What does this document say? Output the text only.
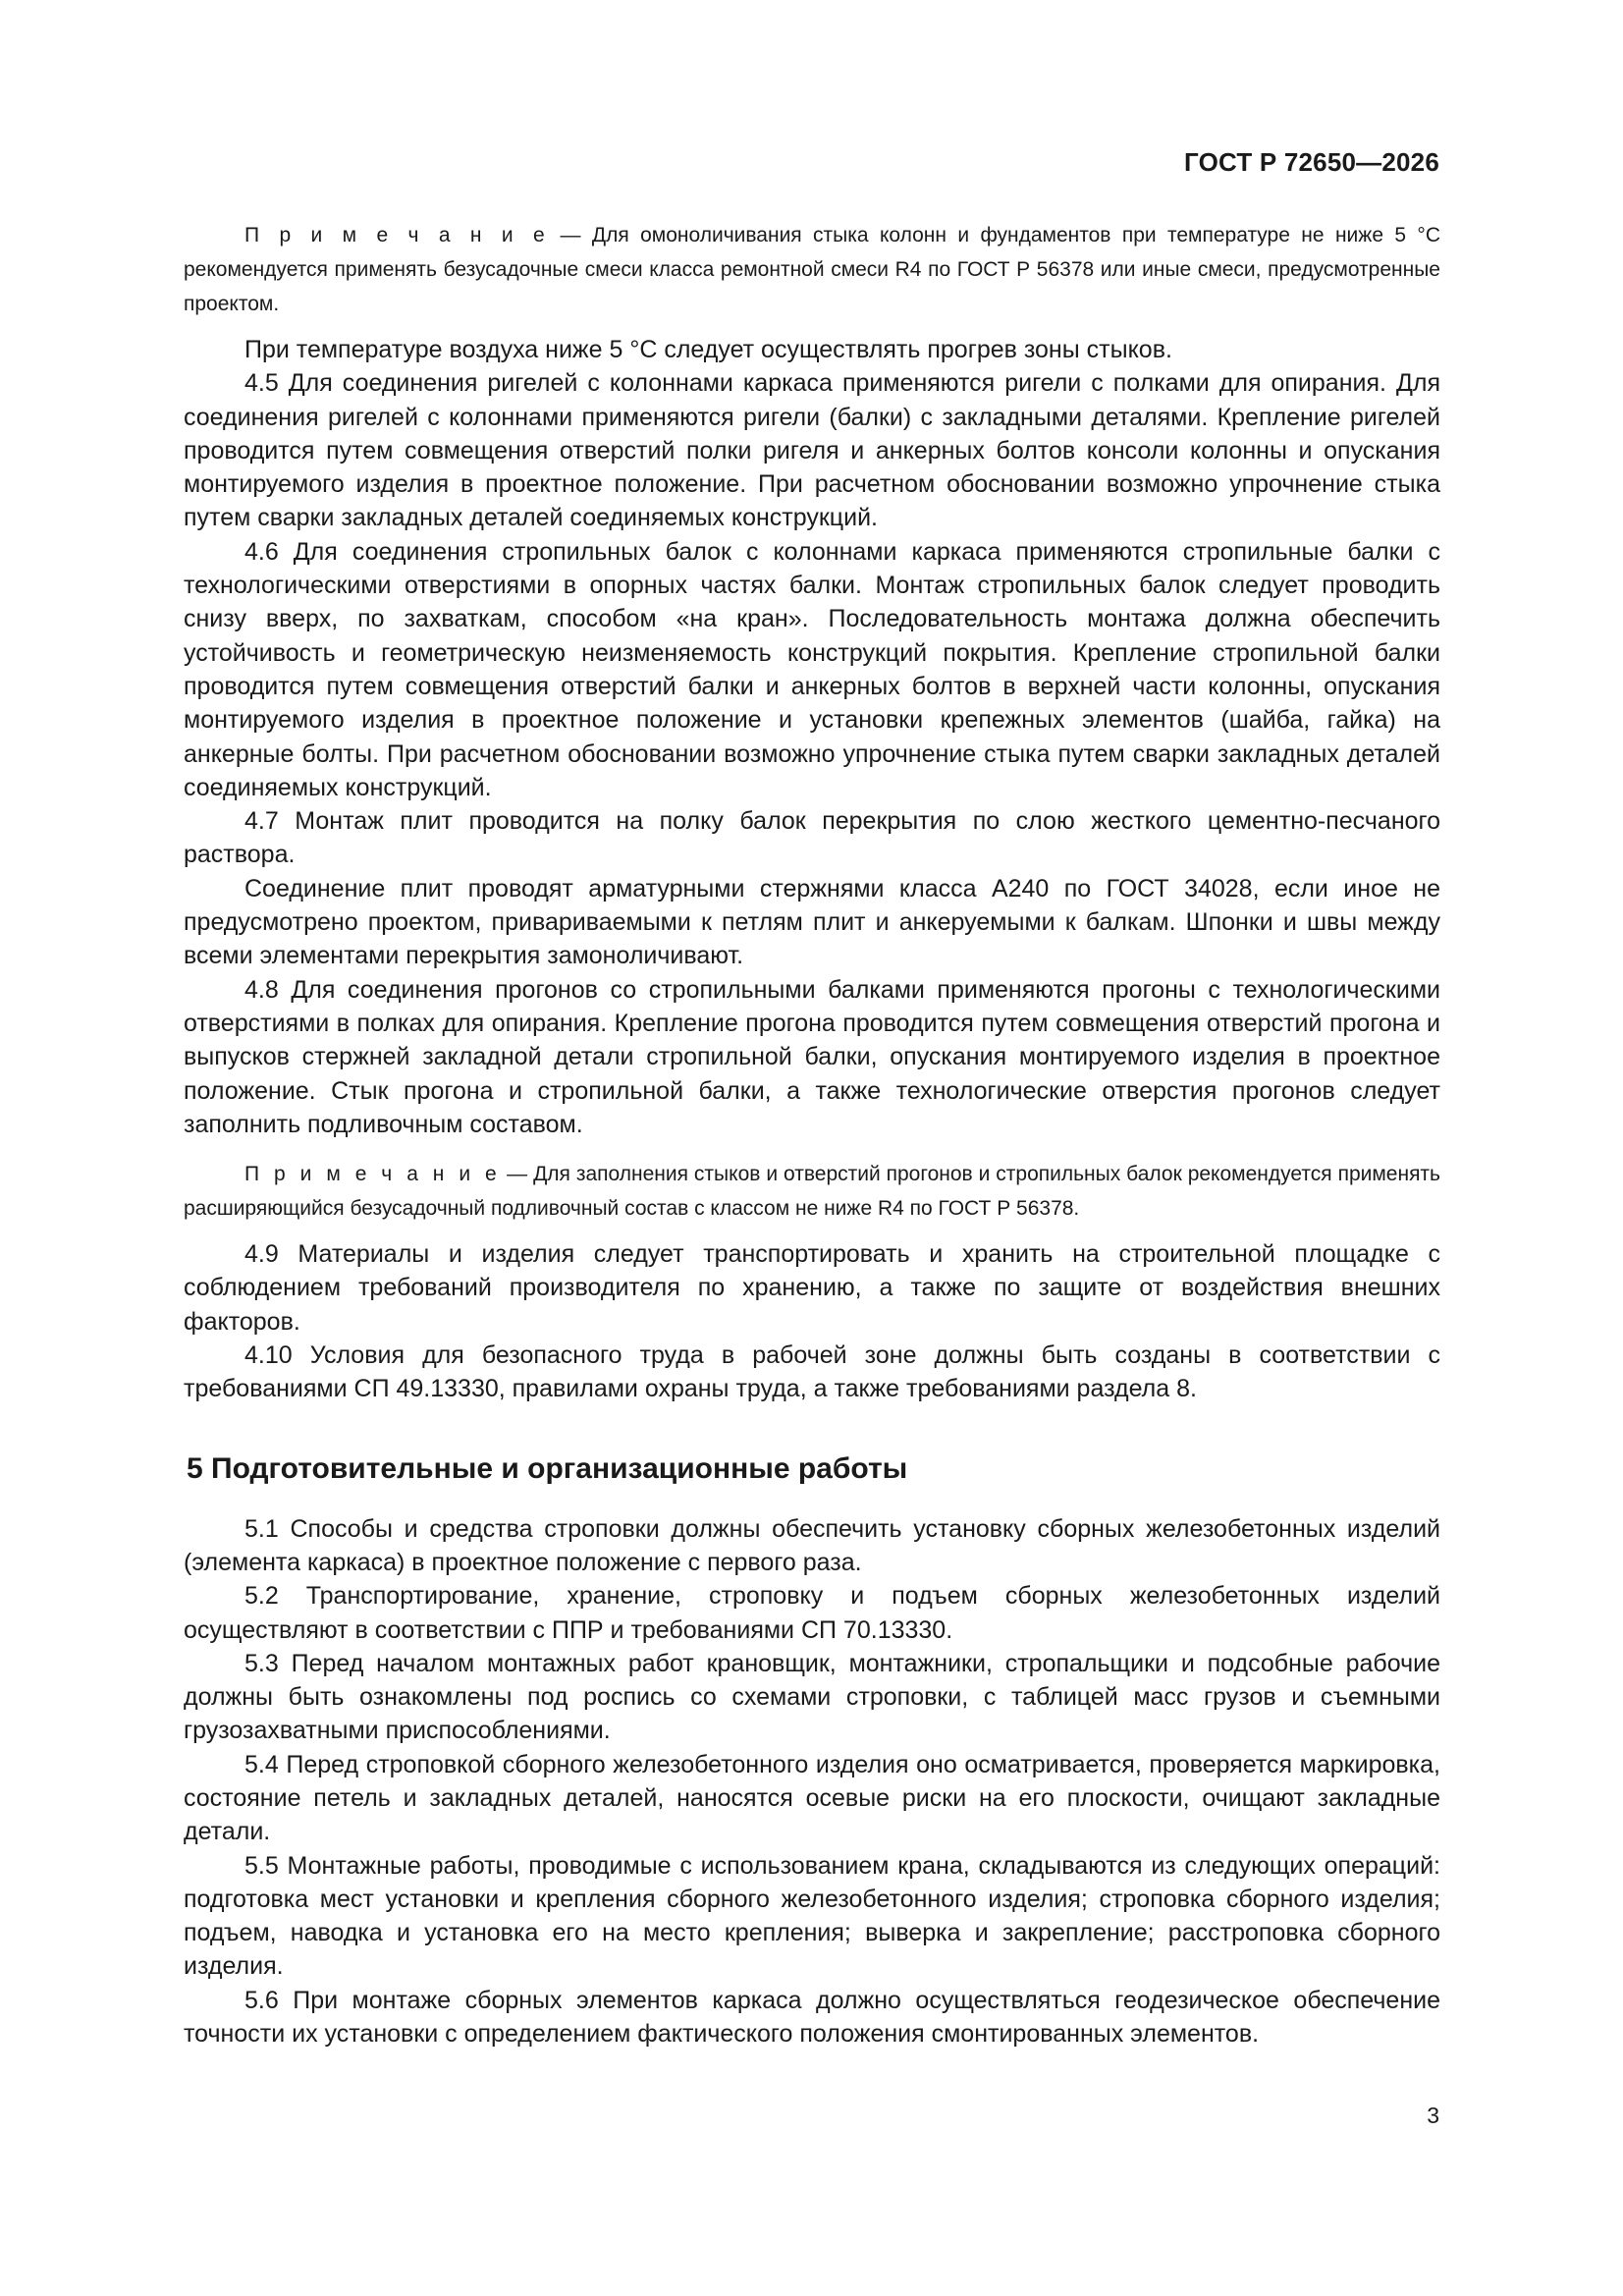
ГОСТ Р 72650—2026

П р и м е ч а н и е — Для омоноличивания стыка колонн и фундаментов при температуре не ниже 5 °С рекомендуется применять безусадочные смеси класса ремонтной смеси R4 по ГОСТ Р 56378 или иные смеси, предусмотренные проектом.

При температуре воздуха ниже 5 °С следует осуществлять прогрев зоны стыков.

4.5 Для соединения ригелей с колоннами каркаса применяются ригели с полками для опирания. Для соединения ригелей с колоннами применяются ригели (балки) с закладными деталями. Крепление ригелей проводится путем совмещения отверстий полки ригеля и анкерных болтов консоли колонны и опускания монтируемого изделия в проектное положение. При расчетном обосновании возможно упрочнение стыка путем сварки закладных деталей соединяемых конструкций.

4.6 Для соединения стропильных балок с колоннами каркаса применяются стропильные балки с технологическими отверстиями в опорных частях балки. Монтаж стропильных балок следует проводить снизу вверх, по захваткам, способом «на кран». Последовательность монтажа должна обеспечить устойчивость и геометрическую неизменяемость конструкций покрытия. Крепление стропильной балки проводится путем совмещения отверстий балки и анкерных болтов в верхней части колонны, опускания монтируемого изделия в проектное положение и установки крепежных элементов (шайба, гайка) на анкерные болты. При расчетном обосновании возможно упрочнение стыка путем сварки закладных деталей соединяемых конструкций.

4.7 Монтаж плит проводится на полку балок перекрытия по слою жесткого цементно-песчаного раствора.

Соединение плит проводят арматурными стержнями класса А240 по ГОСТ 34028, если иное не предусмотрено проектом, привариваемыми к петлям плит и анкеруемыми к балкам. Шпонки и швы между всеми элементами перекрытия замоноличивают.

4.8 Для соединения прогонов со стропильными балками применяются прогоны с технологическими отверстиями в полках для опирания. Крепление прогона проводится путем совмещения отверстий прогона и выпусков стержней закладной детали стропильной балки, опускания монтируемого изделия в проектное положение. Стык прогона и стропильной балки, а также технологические отверстия прогонов следует заполнить подливочным составом.

П р и м е ч а н и е — Для заполнения стыков и отверстий прогонов и стропильных балок рекомендуется применять расширяющийся безусадочный подливочный состав с классом не ниже R4 по ГОСТ Р 56378.

4.9 Материалы и изделия следует транспортировать и хранить на строительной площадке с соблюдением требований производителя по хранению, а также по защите от воздействия внешних факторов.

4.10 Условия для безопасного труда в рабочей зоне должны быть созданы в соответствии с требованиями СП 49.13330, правилами охраны труда, а также требованиями раздела 8.

5 Подготовительные и организационные работы

5.1 Способы и средства строповки должны обеспечить установку сборных железобетонных изделий (элемента каркаса) в проектное положение с первого раза.

5.2 Транспортирование, хранение, строповку и подъем сборных железобетонных изделий осуществляют в соответствии с ППР и требованиями СП 70.13330.

5.3 Перед началом монтажных работ крановщик, монтажники, стропальщики и подсобные рабочие должны быть ознакомлены под роспись со схемами строповки, с таблицей масс грузов и съемными грузозахватными приспособлениями.

5.4 Перед строповкой сборного железобетонного изделия оно осматривается, проверяется маркировка, состояние петель и закладных деталей, наносятся осевые риски на его плоскости, очищают закладные детали.

5.5 Монтажные работы, проводимые с использованием крана, складываются из следующих операций: подготовка мест установки и крепления сборного железобетонного изделия; строповка сборного изделия; подъем, наводка и установка его на место крепления; выверка и закрепление; расстроповка сборного изделия.

5.6 При монтаже сборных элементов каркаса должно осуществляться геодезическое обеспечение точности их установки с определением фактического положения смонтированных элементов.

3
